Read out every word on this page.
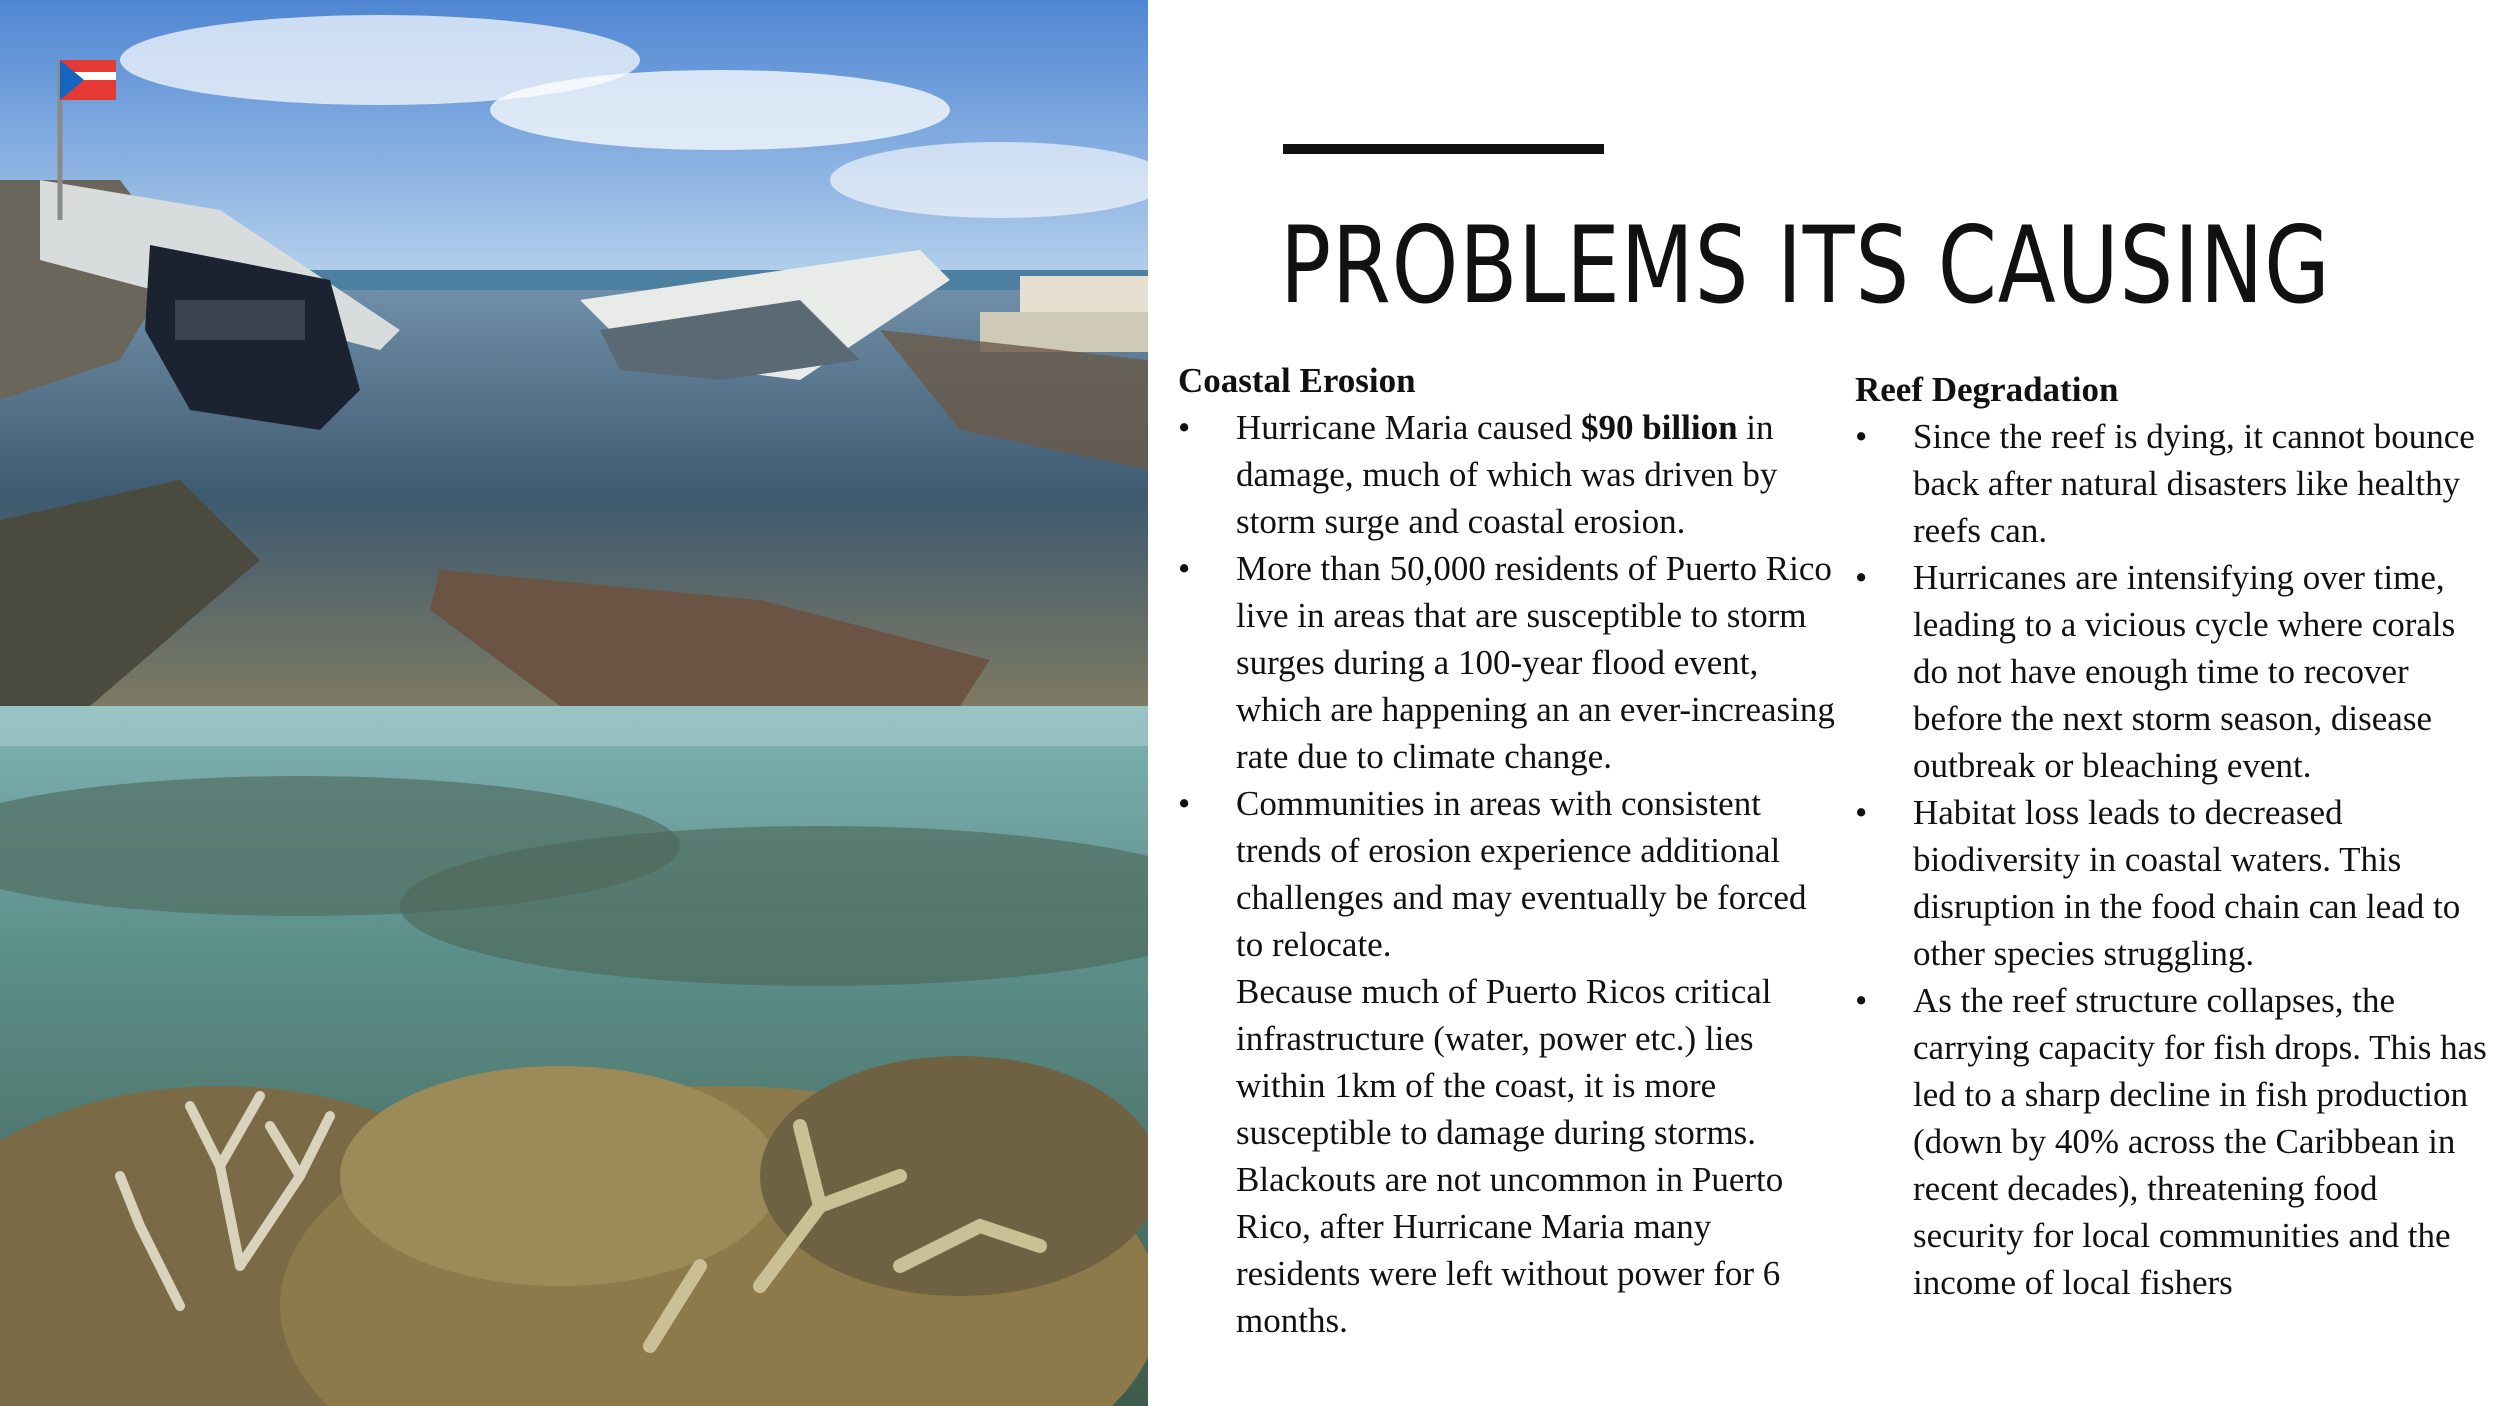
PROBLEMS ITS CAUSING
Coastal Erosion
• Hurricane Maria caused $90 billion in damage, much of which was driven by storm surge and coastal erosion.
• More than 50,000 residents of Puerto Rico live in areas that are susceptible to storm surges during a 100-year flood event, which are happening an an ever-increasing rate due to climate change.
• Communities in areas with consistent trends of erosion experience additional challenges and may eventually be forced to relocate.

Because much of Puerto Ricos critical infrastructure (water, power etc.) lies within 1km of the coast, it is more susceptible to damage during storms. Blackouts are not uncommon in Puerto Rico, after Hurricane Maria many residents were left without power for 6 months.

Reef Degradation
• Since the reef is dying, it cannot bounce back after natural disasters like healthy reefs can.
• Hurricanes are intensifying over time, leading to a vicious cycle where corals do not have enough time to recover before the next storm season, disease outbreak or bleaching event.
• Habitat loss leads to decreased biodiversity in coastal waters. This disruption in the food chain can lead to other species struggling.
• As the reef structure collapses, the carrying capacity for fish drops. This has led to a sharp decline in fish production (down by 40% across the Caribbean in recent decades), threatening food security for local communities and the income of local fishers
